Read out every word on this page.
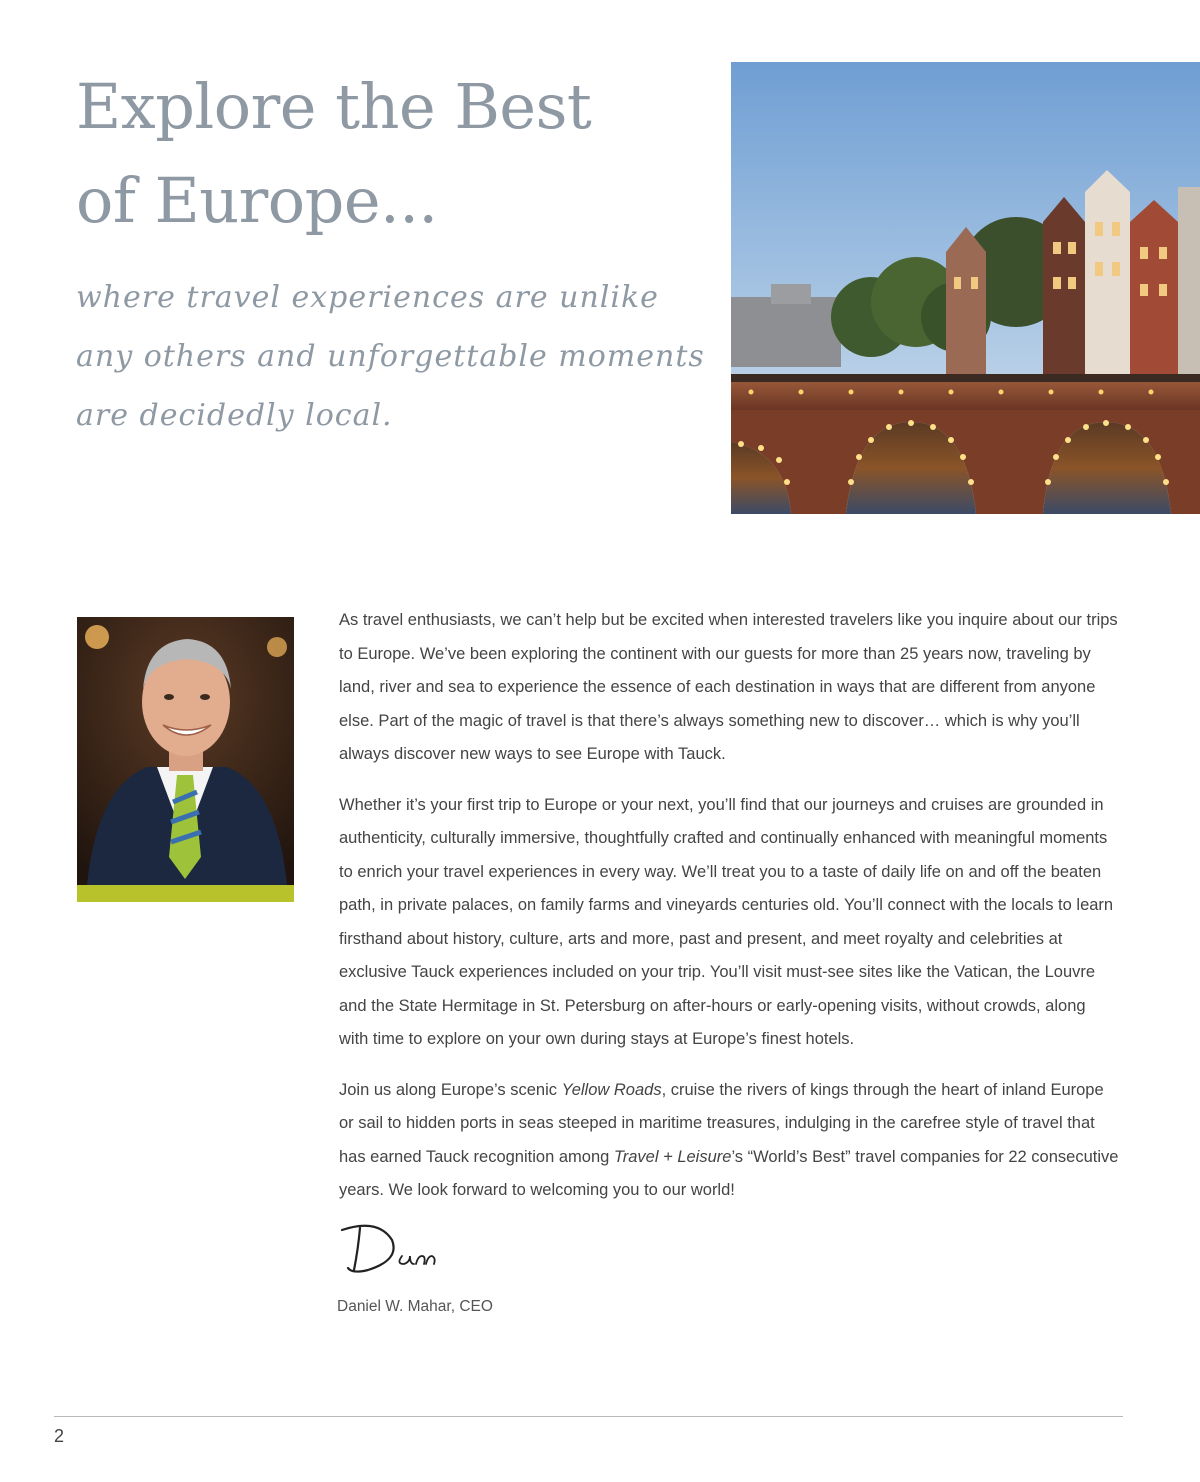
Explore the Best
of Europe...
where travel experiences are unlike
any others and unforgettable moments
are decidedly local.

As travel enthusiasts, we can’t help but be excited when interested travelers like you inquire about our trips to Europe. We’ve been exploring the continent with our guests for more than 25 years now, traveling by land, river and sea to experience the essence of each destination in ways that are different from anyone else. Part of the magic of travel is that there’s always something new to discover… which is why you’ll always discover new ways to see Europe with Tauck.

Whether it’s your first trip to Europe or your next, you’ll find that our journeys and cruises are grounded in authenticity, culturally immersive, thoughtfully crafted and continually enhanced with meaningful moments to enrich your travel experiences in every way. We’ll treat you to a taste of daily life on and off the beaten path, in private palaces, on family farms and vineyards centuries old. You’ll connect with the locals to learn firsthand about history, culture, arts and more, past and present, and meet royalty and celebrities at exclusive Tauck experiences included on your trip. You’ll visit must-see sites like the Vatican, the Louvre and the State Hermitage in St. Petersburg on after-hours or early-opening visits, without crowds, along with time to explore on your own during stays at Europe’s finest hotels.

Join us along Europe’s scenic Yellow Roads, cruise the rivers of kings through the heart of inland Europe or sail to hidden ports in seas steeped in maritime treasures, indulging in the carefree style of travel that has earned Tauck recognition among Travel + Leisure’s “World’s Best” travel companies for 22 consecutive years. We look forward to welcoming you to our world!

Daniel W. Mahar, CEO
2
